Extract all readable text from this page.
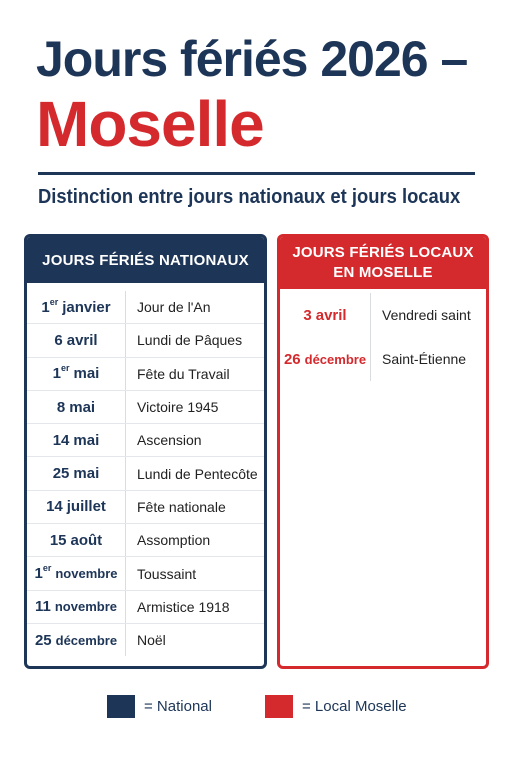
Jours fériés 2026 –
Moselle
Distinction entre jours nationaux et jours locaux
JOURS FÉRIÉS NATIONAUX
1 er janvier	Jour de l'An
6 avril	Lundi de Pâques
1 er mai	Fête du Travail
8 mai	Victoire 1945
14 mai	Ascension
25 mai	Lundi de Pentecôte
14 juillet	Fête nationale
15 août	Assomption
1 er novembre	Toussaint
11 novembre	Armistice 1918
25 décembre	Noël
JOURS FÉRIÉS LOCAUX EN MOSELLE
3 avril	Vendredi saint
26 décembre	Saint-Étienne
= National	= Local Moselle
